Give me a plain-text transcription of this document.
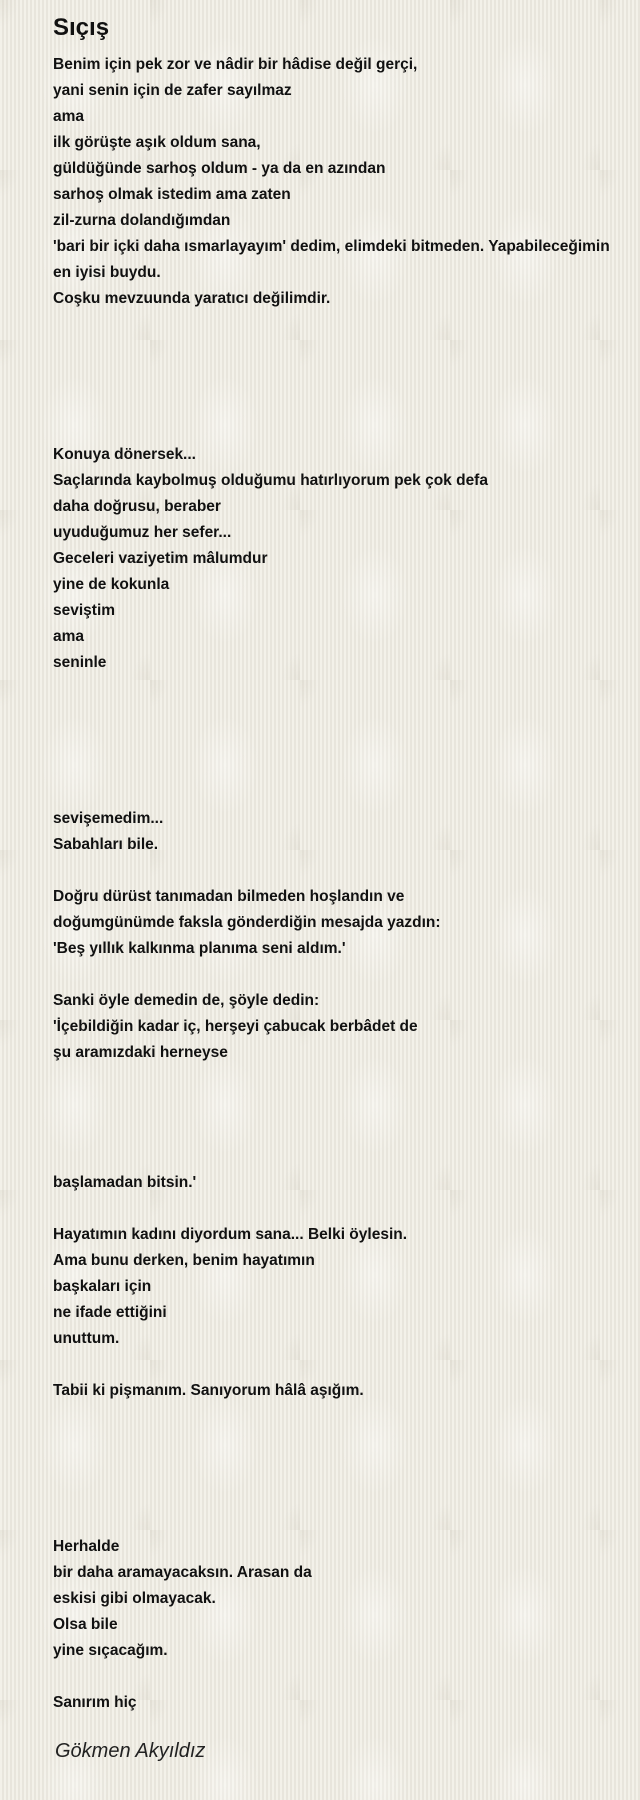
Sıçış
Benim için pek zor ve nâdir bir hâdise değil gerçi,
yani senin için de zafer sayılmaz
ama
ilk görüşte aşık oldum sana,
güldüğünde sarhoş oldum - ya da en azından
sarhoş olmak istedim ama zaten
zil-zurna dolandığımdan
'bari bir içki daha ısmarlayayım' dedim, elimdeki bitmeden. Yapabileceğimin
en iyisi buydu.
Coşku mevzuunda yaratıcı değilimdir.
Konuya dönersek...
Saçlarında kaybolmuş olduğumu hatırlıyorum pek çok defa
daha doğrusu, beraber
uyuduğumuz her sefer...
Geceleri vaziyetim mâlumdur
yine de kokunla
seviştim
ama
seninle
sevişemedim...
Sabahları bile.
Doğru dürüst tanımadan bilmeden hoşlandın ve
doğumgünümde faksla gönderdiğin mesajda yazdın:
'Beş yıllık kalkınma planıma seni aldım.'
Sanki öyle demedin de, şöyle dedin:
'İçebildiğin kadar iç, herşeyi çabucak berbâdet de
şu aramızdaki herneyse
başlamadan bitsin.'
Hayatımın kadını diyordum sana... Belki öylesin.
Ama bunu derken, benim hayatımın
başkaları için
ne ifade ettiğini
unuttum.
Tabii ki pişmanım. Sanıyorum hâlâ aşığım.
Herhalde
bir daha aramayacaksın. Arasan da
eskisi gibi olmayacak.
Olsa bile
yine sıçacağım.
Sanırım hiç
Gökmen Akyıldız
